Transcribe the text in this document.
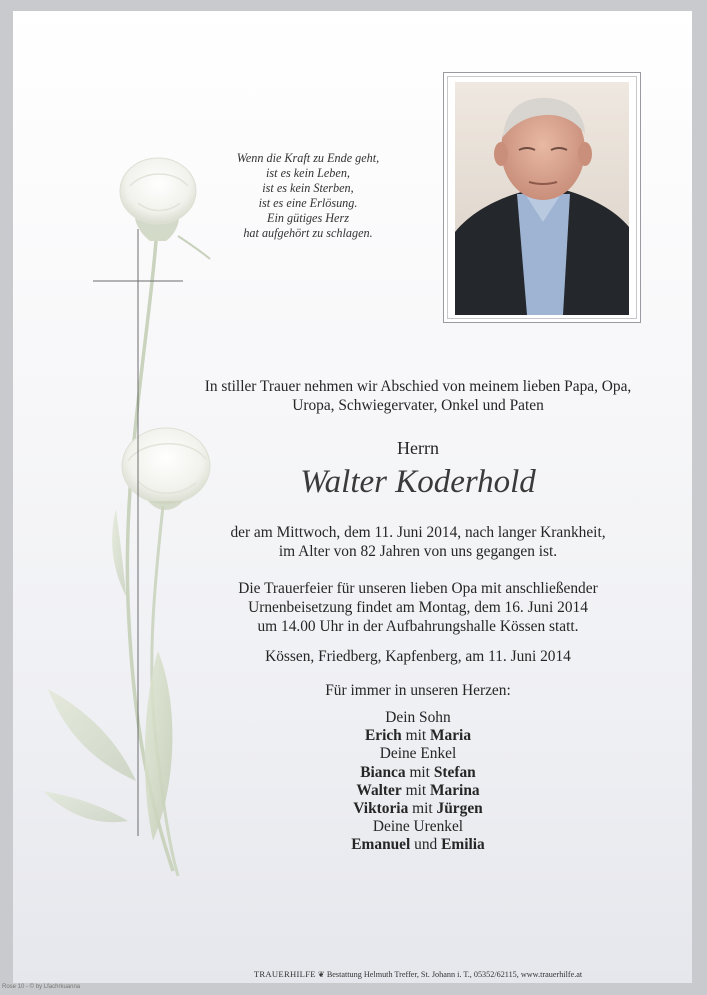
Wenn die Kraft zu Ende geht,
ist es kein Leben,
ist es kein Sterben,
ist es eine Erlösung.
Ein gütiges Herz
hat aufgehört zu schlagen.
In stiller Trauer nehmen wir Abschied von meinem lieben Papa, Opa,
Uropa, Schwiegervater, Onkel und Paten
Herrn
Walter Koderhold
der am Mittwoch, dem 11. Juni 2014, nach langer Krankheit,
im Alter von 82 Jahren von uns gegangen ist.
Die Trauerfeier für unseren lieben Opa mit anschließender
Urnenbeisetzung findet am Montag, dem 16. Juni 2014
um 14.00 Uhr in der Aufbahrungshalle Kössen statt.
Kössen, Friedberg, Kapfenberg, am 11. Juni 2014
Für immer in unseren Herzen:
Dein Sohn
Erich mit Maria
Deine Enkel
Bianca mit Stefan
Walter mit Marina
Viktoria mit Jürgen
Deine Urenkel
Emanuel und Emilia
TRAUERHILFE ❦ Bestattung Helmuth Treffer, St. Johann i. T., 05352/62115, www.trauerhilfe.at
Rose 10 - © by Lfachrkuanna
